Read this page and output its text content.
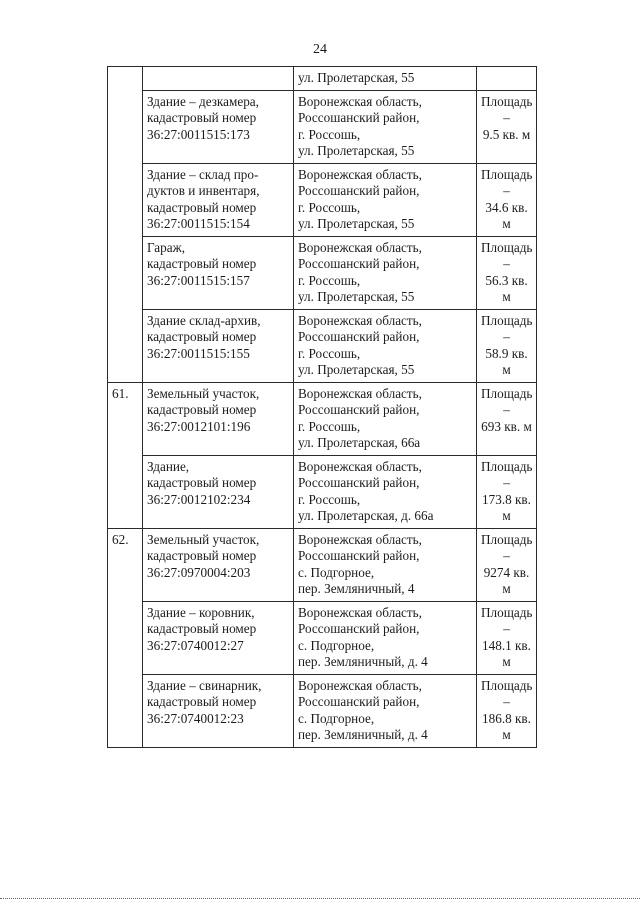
24
		ул. Пролетарская, 55	
	Здание – дезкамера,
кадастровый номер
36:27:0011515:173	Воронежская область,
Россошанский район,
г. Россошь,
ул. Пролетарская, 55	Площадь –
9.5 кв. м
	Здание – склад про-
дуктов и инвентаря,
кадастровый номер
36:27:0011515:154	Воронежская область,
Россошанский район,
г. Россошь,
ул. Пролетарская, 55	Площадь –
34.6 кв. м
	Гараж,
кадастровый номер
36:27:0011515:157	Воронежская область,
Россошанский район,
г. Россошь,
ул. Пролетарская, 55	Площадь –
56.3 кв. м
	Здание склад-архив,
кадастровый номер
36:27:0011515:155	Воронежская область,
Россошанский район,
г. Россошь,
ул. Пролетарская, 55	Площадь –
58.9 кв. м
61.	Земельный участок,
кадастровый номер
36:27:0012101:196	Воронежская область,
Россошанский район,
г. Россошь,
ул. Пролетарская, 66а	Площадь –
693 кв. м
	Здание,
кадастровый номер
36:27:0012102:234	Воронежская область,
Россошанский район,
г. Россошь,
ул. Пролетарская, д. 66а	Площадь –
173.8 кв. м
62.	Земельный участок,
кадастровый номер
36:27:0970004:203	Воронежская область,
Россошанский район,
с. Подгорное,
пер. Земляничный, 4	Площадь –
9274 кв. м
	Здание – коровник,
кадастровый номер
36:27:0740012:27	Воронежская область,
Россошанский район,
с. Подгорное,
пер. Земляничный, д. 4	Площадь –
148.1 кв. м
	Здание – свинарник,
кадастровый номер
36:27:0740012:23	Воронежская область,
Россошанский район,
с. Подгорное,
пер. Земляничный, д. 4	Площадь –
186.8 кв. м
